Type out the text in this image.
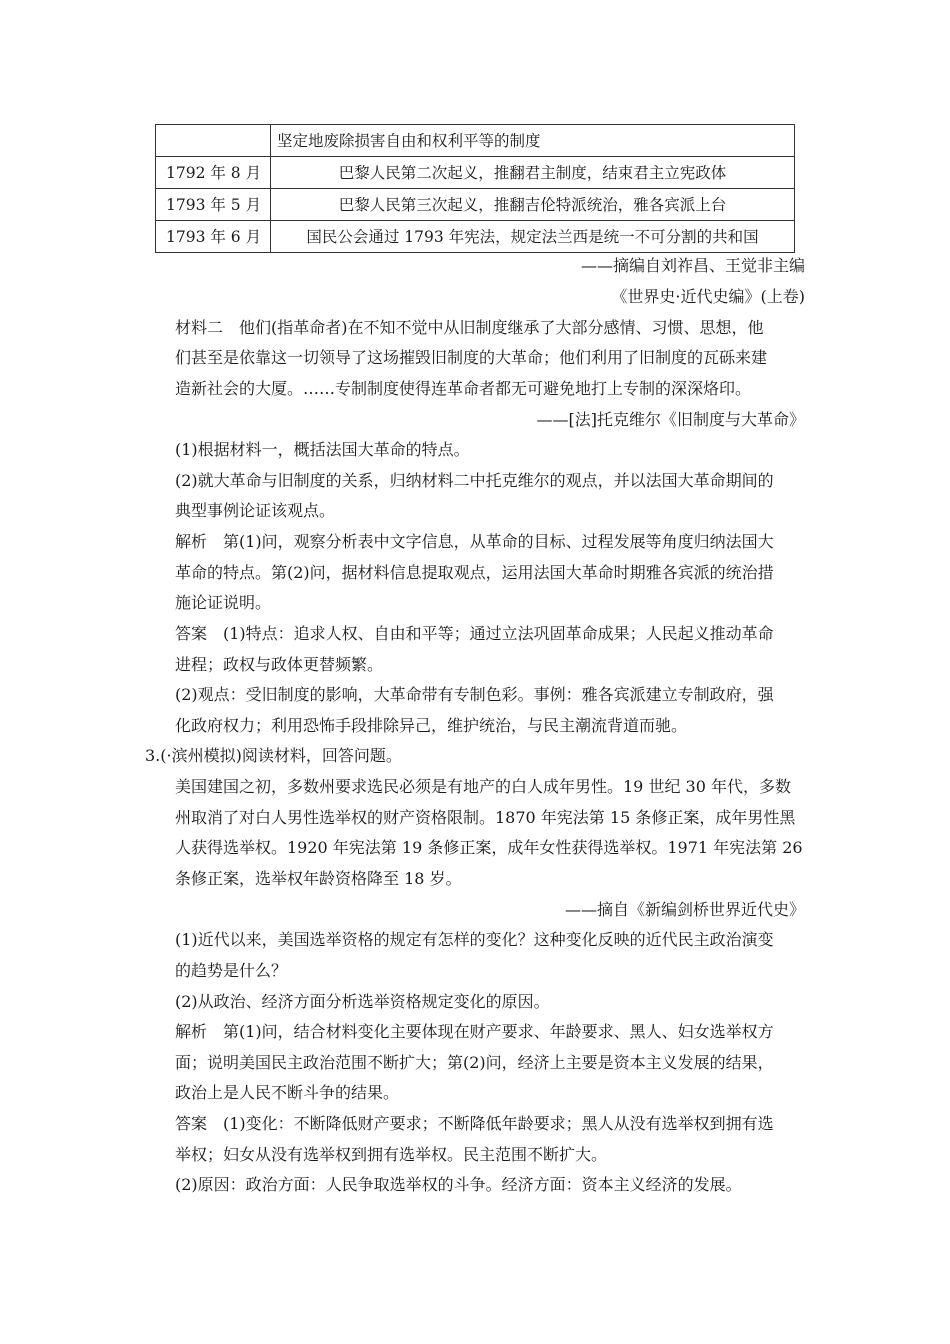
	坚定地废除损害自由和权利平等的制度
1792 年 8 月	巴黎人民第二次起义，推翻君主制度，结束君主立宪政体
1793 年 5 月	巴黎人民第三次起义，推翻吉伦特派统治，雅各宾派上台
1793 年 6 月	国民公会通过 1793 年宪法，规定法兰西是统一不可分割的共和国
——摘编自刘祚昌、王觉非主编
《世界史·近代史编》(上卷)
材料二　他们(指革命者)在不知不觉中从旧制度继承了大部分感情、习惯、思想，他
们甚至是依靠这一切领导了这场摧毁旧制度的大革命；他们利用了旧制度的瓦砾来建
造新社会的大厦。……专制制度使得连革命者都无可避免地打上专制的深深烙印。
——[法]托克维尔《旧制度与大革命》
(1)根据材料一，概括法国大革命的特点。
(2)就大革命与旧制度的关系，归纳材料二中托克维尔的观点，并以法国大革命期间的
典型事例论证该观点。
解析　第(1)问，观察分析表中文字信息，从革命的目标、过程发展等角度归纳法国大
革命的特点。第(2)问，据材料信息提取观点，运用法国大革命时期雅各宾派的统治措
施论证说明。
答案　(1)特点：追求人权、自由和平等；通过立法巩固革命成果；人民起义推动革命
进程；政权与政体更替频繁。
(2)观点：受旧制度的影响，大革命带有专制色彩。事例：雅各宾派建立专制政府，强
化政府权力；利用恐怖手段排除异己，维护统治，与民主潮流背道而驰。
3.(·滨州模拟)阅读材料，回答问题。
美国建国之初，多数州要求选民必须是有地产的白人成年男性。19 世纪 30 年代，多数
州取消了对白人男性选举权的财产资格限制。1870 年宪法第 15 条修正案，成年男性黑
人获得选举权。1920 年宪法第 19 条修正案，成年女性获得选举权。1971 年宪法第 26
条修正案，选举权年龄资格降至 18 岁。
——摘自《新编剑桥世界近代史》
(1)近代以来，美国选举资格的规定有怎样的变化？这种变化反映的近代民主政治演变
的趋势是什么？
(2)从政治、经济方面分析选举资格规定变化的原因。
解析　第(1)问，结合材料变化主要体现在财产要求、年龄要求、黑人、妇女选举权方
面；说明美国民主政治范围不断扩大；第(2)问，经济上主要是资本主义发展的结果，
政治上是人民不断斗争的结果。
答案　(1)变化：不断降低财产要求；不断降低年龄要求；黑人从没有选举权到拥有选
举权；妇女从没有选举权到拥有选举权。民主范围不断扩大。
(2)原因：政治方面：人民争取选举权的斗争。经济方面：资本主义经济的发展。
